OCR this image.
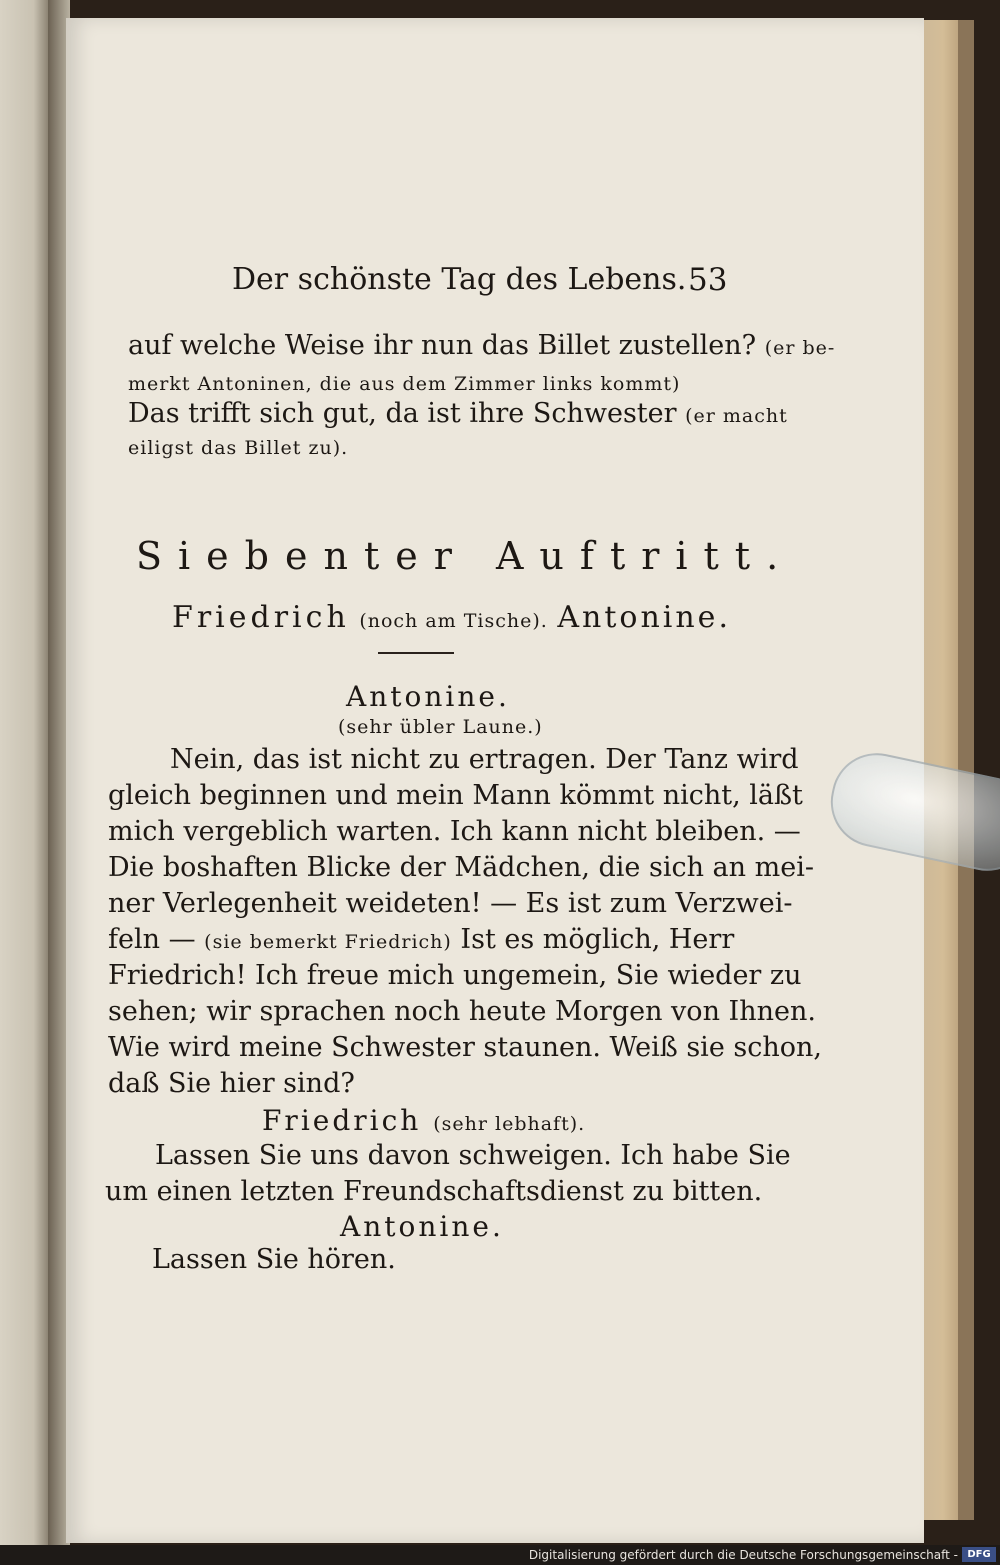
Der schönste Tag des Lebens. 53
auf welche Weise ihr nun das Billet zustellen? (er be-
merkt Antoninen, die aus dem Zimmer links kommt)
Das trifft sich gut, da ist ihre Schwester (er macht
eiligst das Billet zu).
Siebenter Auftritt.
Friedrich (noch am Tische). Antonine.
Antonine.
(sehr übler Laune.)
Nein, das ist nicht zu ertragen. Der Tanz wird
gleich beginnen und mein Mann kömmt nicht, läßt
mich vergeblich warten. Ich kann nicht bleiben. —
Die boshaften Blicke der Mädchen, die sich an mei-
ner Verlegenheit weideten! — Es ist zum Verzwei-
feln — (sie bemerkt Friedrich) Ist es möglich, Herr
Friedrich! Ich freue mich ungemein, Sie wieder zu
sehen; wir sprachen noch heute Morgen von Ihnen.
Wie wird meine Schwester staunen. Weiß sie schon,
daß Sie hier sind?
Friedrich (sehr lebhaft).
Lassen Sie uns davon schweigen. Ich habe Sie
um einen letzten Freundschaftsdienst zu bitten.
Antonine.
Lassen Sie hören.
Digitalisierung gefördert durch die Deutsche Forschungsgemeinschaft - DFG
